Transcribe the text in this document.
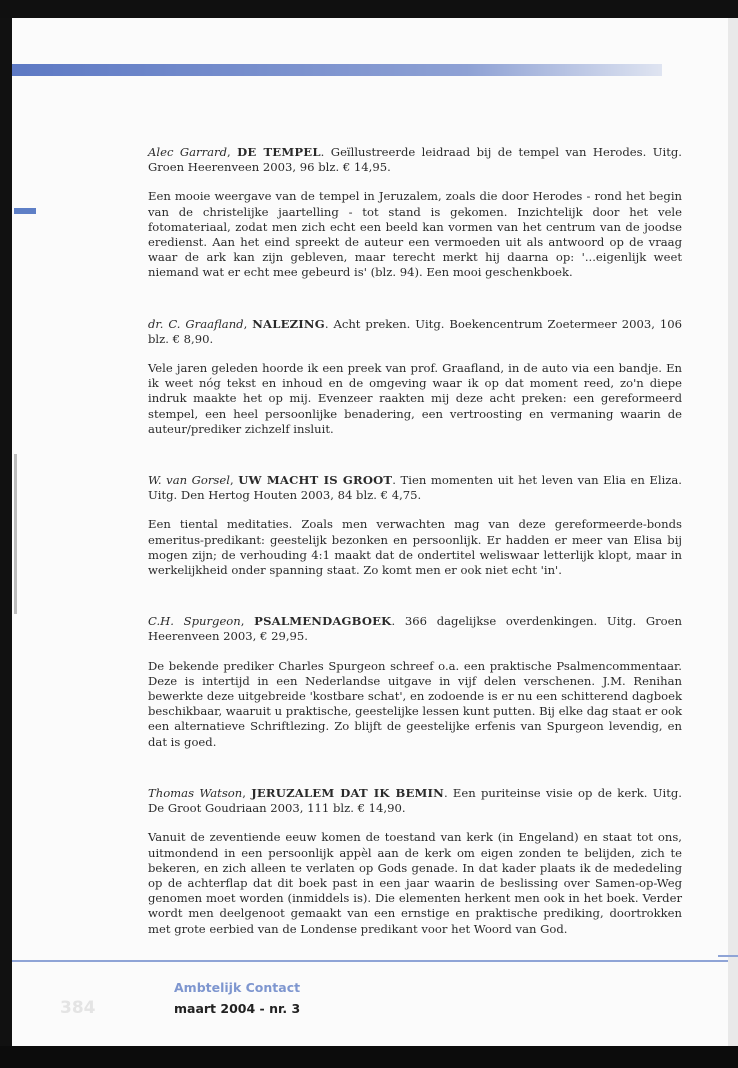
Alec Garrard, DE TEMPEL. Geïllustreerde leidraad bij de tempel van Herodes. Uitg. Groen Heerenveen 2003, 96 blz. € 14,95.

Een mooie weergave van de tempel in Jeruzalem, zoals die door Herodes - rond het begin van de christelijke jaartelling - tot stand is gekomen. Inzichtelijk door het vele fotomateriaal, zodat men zich echt een beeld kan vormen van het centrum van de joodse eredienst. Aan het eind spreekt de auteur een vermoeden uit als antwoord op de vraag waar de ark kan zijn gebleven, maar terecht merkt hij daarna op: '...eigenlijk weet niemand wat er echt mee gebeurd is' (blz. 94). Een mooi geschenkboek.

dr. C. Graafland, NALEZING. Acht preken. Uitg. Boekencentrum Zoetermeer 2003, 106 blz. € 8,90.

Vele jaren geleden hoorde ik een preek van prof. Graafland, in de auto via een bandje. En ik weet nóg tekst en inhoud en de omgeving waar ik op dat moment reed, zo'n diepe indruk maakte het op mij. Evenzeer raakten mij deze acht preken: een gereformeerd stempel, een heel persoonlijke benadering, een vertroosting en vermaning waarin de auteur/prediker zichzelf insluit.

W. van Gorsel, UW MACHT IS GROOT. Tien momenten uit het leven van Elia en Eliza. Uitg. Den Hertog Houten 2003, 84 blz. € 4,75.

Een tiental meditaties. Zoals men verwachten mag van deze gereformeerde-bonds emeritus-predikant: geestelijk bezonken en persoonlijk. Er hadden er meer van Elisa bij mogen zijn; de verhouding 4:1 maakt dat de ondertitel weliswaar letterlijk klopt, maar in werkelijkheid onder spanning staat. Zo komt men er ook niet echt 'in'.

C.H. Spurgeon, PSALMENDAGBOEK. 366 dagelijkse overdenkingen. Uitg. Groen Heerenveen 2003, € 29,95.

De bekende prediker Charles Spurgeon schreef o.a. een praktische Psalmencommentaar. Deze is intertijd in een Nederlandse uitgave in vijf delen verschenen. J.M. Renihan bewerkte deze uitgebreide 'kostbare schat', en zodoende is er nu een schitterend dagboek beschikbaar, waaruit u praktische, geestelijke lessen kunt putten. Bij elke dag staat er ook een alternatieve Schriftlezing. Zo blijft de geestelijke erfenis van Spurgeon levendig, en dat is goed.

Thomas Watson, JERUZALEM DAT IK BEMIN. Een puriteinse visie op de kerk. Uitg. De Groot Goudriaan 2003, 111 blz. € 14,90.

Vanuit de zeventiende eeuw komen de toestand van kerk (in Engeland) en staat tot ons, uitmondend in een persoonlijk appèl aan de kerk om eigen zonden te belijden, zich te bekeren, en zich alleen te verlaten op Gods genade. In dat kader plaats ik de mededeling op de achterflap dat dit boek past in een jaar waarin de beslissing over Samen-op-Weg genomen moet worden (inmiddels is). Die elementen herkent men ook in het boek. Verder wordt men deelgenoot gemaakt van een ernstige en praktische prediking, doortrokken met grote eerbied van de Londense predikant voor het Woord van God.

384
Ambtelijk Contact
maart 2004 - nr. 3
